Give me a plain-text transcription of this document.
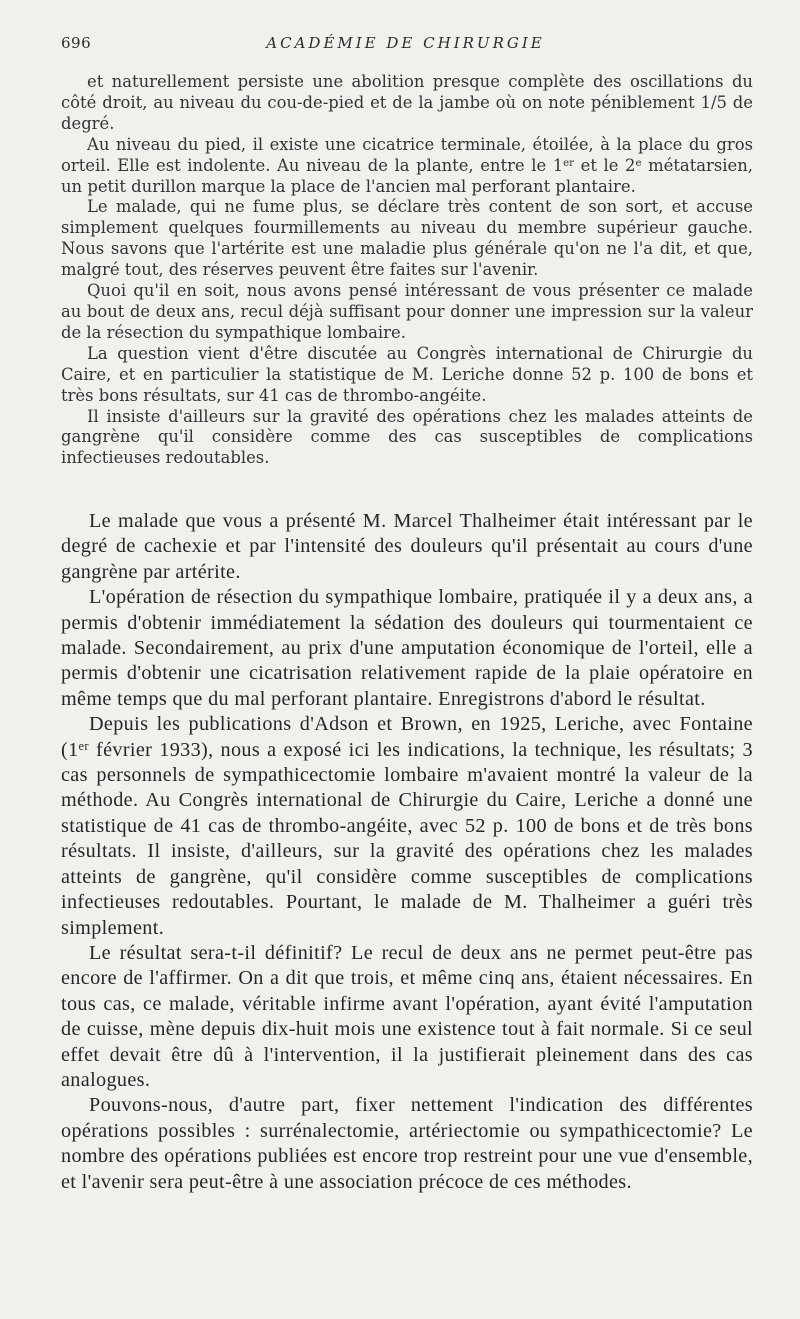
696	ACADÉMIE DE CHIRURGIE

et naturellement persiste une abolition presque complète des oscillations du côté droit, au niveau du cou-de-pied et de la jambe où on note péniblement 1/5 de degré.

Au niveau du pied, il existe une cicatrice terminale, étoilée, à la place du gros orteil. Elle est indolente. Au niveau de la plante, entre le 1er et le 2e métatarsien, un petit durillon marque la place de l'ancien mal perforant plantaire.

Le malade, qui ne fume plus, se déclare très content de son sort, et accuse simplement quelques fourmillements au niveau du membre supérieur gauche. Nous savons que l'artérite est une maladie plus générale qu'on ne l'a dit, et que, malgré tout, des réserves peuvent être faites sur l'avenir.

Quoi qu'il en soit, nous avons pensé intéressant de vous présenter ce malade au bout de deux ans, recul déjà suffisant pour donner une impression sur la valeur de la résection du sympathique lombaire.

La question vient d'être discutée au Congrès international de Chirurgie du Caire, et en particulier la statistique de M. Leriche donne 52 p. 100 de bons et très bons résultats, sur 41 cas de thrombo-angéite.

Il insiste d'ailleurs sur la gravité des opérations chez les malades atteints de gangrène qu'il considère comme des cas susceptibles de complications infectieuses redoutables.

Le malade que vous a présenté M. Marcel Thalheimer était intéressant par le degré de cachexie et par l'intensité des douleurs qu'il présentait au cours d'une gangrène par artérite.

L'opération de résection du sympathique lombaire, pratiquée il y a deux ans, a permis d'obtenir immédiatement la sédation des douleurs qui tourmentaient ce malade. Secondairement, au prix d'une amputation économique de l'orteil, elle a permis d'obtenir une cicatrisation relativement rapide de la plaie opératoire en même temps que du mal perforant plantaire. Enregistrons d'abord le résultat.

Depuis les publications d'Adson et Brown, en 1925, Leriche, avec Fontaine (1er février 1933), nous a exposé ici les indications, la technique, les résultats; 3 cas personnels de sympathicectomie lombaire m'avaient montré la valeur de la méthode. Au Congrès international de Chirurgie du Caire, Leriche a donné une statistique de 41 cas de thrombo-angéite, avec 52 p. 100 de bons et de très bons résultats. Il insiste, d'ailleurs, sur la gravité des opérations chez les malades atteints de gangrène, qu'il considère comme susceptibles de complications infectieuses redoutables. Pourtant, le malade de M. Thalheimer a guéri très simplement.

Le résultat sera-t-il définitif? Le recul de deux ans ne permet peut-être pas encore de l'affirmer. On a dit que trois, et même cinq ans, étaient nécessaires. En tous cas, ce malade, véritable infirme avant l'opération, ayant évité l'amputation de cuisse, mène depuis dix-huit mois une existence tout à fait normale. Si ce seul effet devait être dû à l'intervention, il la justifierait pleinement dans des cas analogues.

Pouvons-nous, d'autre part, fixer nettement l'indication des différentes opérations possibles : surrénalectomie, artériectomie ou sympathicectomie? Le nombre des opérations publiées est encore trop restreint pour une vue d'ensemble, et l'avenir sera peut-être à une association précoce de ces méthodes.
